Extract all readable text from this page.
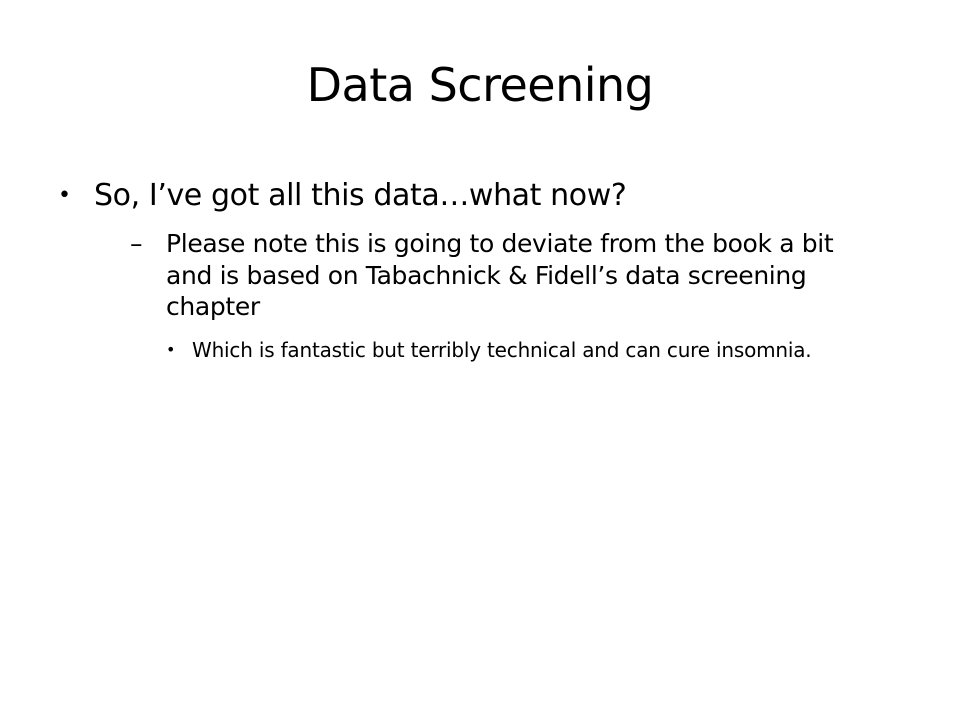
Data Screening
• So, I’ve got all this data…what now?
– Please note this is going to deviate from the book a bit and is based on Tabachnick & Fidell’s data screening chapter
• Which is fantastic but terribly technical and can cure insomnia.
